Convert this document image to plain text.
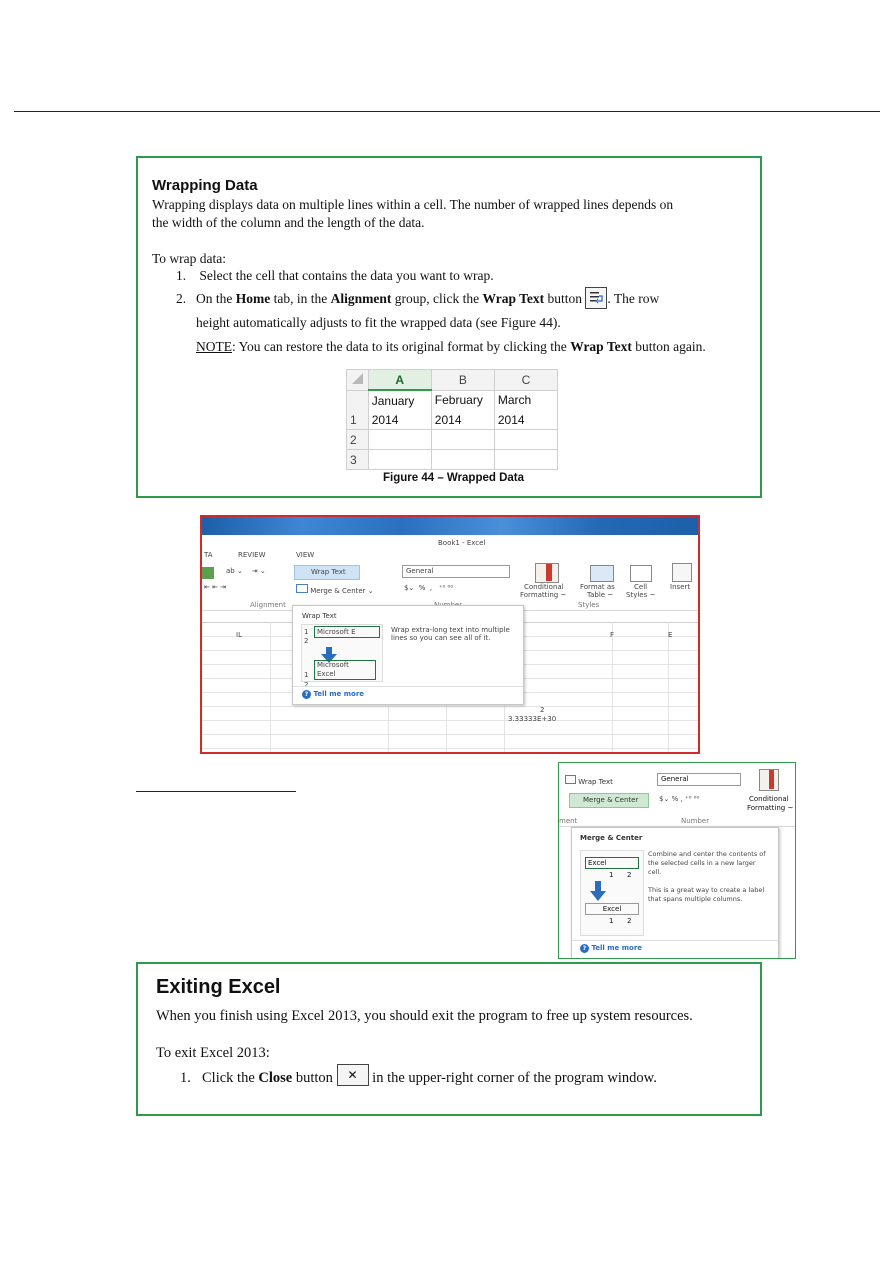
Wrapping Data
Wrapping displays data on multiple lines within a cell. The number of wrapped lines depends on
the width of the column and the length of the data.
To wrap data:
1. Select the cell that contains the data you want to wrap.
2. On the Home tab, in the Alignment group, click the Wrap Text button . The row
height automatically adjusts to fit the wrapped data (see Figure 44).
NOTE: You can restore the data to its original format by clicking the Wrap Text button again.
	A	B	C
	January	February	March
1	2014	2014	2014
2			
3			
Figure 44 – Wrapped Data
Book1 - Excel
TA	REVIEW	VIEW
ab ⌄    ⇥ ⌄
⇤ ⇤ ⇥
Wrap Text
Merge & Center ⌄
General
$⌄ % , ⁺⁰ ⁰⁰	Conditional
Formatting ~
Format as
Table ~
Cell
Styles ~
Insert
Alignment	Styles
IL	F	E
2
3.33333E+30
Wrap Text
1	Microsoft E
2
1
Microsoft
Excel
2
Wrap extra-long text into multiple
lines so you can see all of it.
? Tell me more
Wrap Text
Merge & Center
General
$⌄ % , ⁺⁰ ⁰⁰	Conditional
Formatting ~
ment	Number
Merge & Center
Excel
1 2
Excel
1 2
Combine and center the contents of
the selected cells in a new larger
cell.
This is a great way to create a label
that spans multiple columns.
? Tell me more
Exiting Excel
When you finish using Excel 2013, you should exit the program to free up system resources.
To exit Excel 2013:
1. Click the Close button ✕ in the upper-right corner of the program window.
